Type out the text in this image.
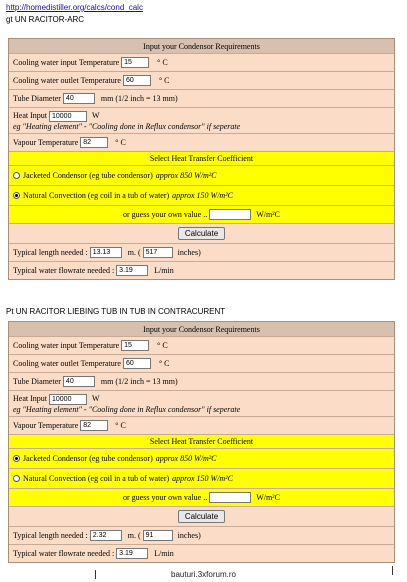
http://homedistiller.org/calcs/cond_calc
gt UN RACITOR-ARC
Input your Condensor Requirements
Cooling water input Temperature 15	° C
Cooling water outlet Temperature 60	° C
Tube Diameter 40	mm (1/2 inch = 13 mm)
Heat Input 10000	W
eg "Heating element" - "Cooling done in Reflux condensor" if seperate
Vapour Temperature 82	° C
Select Heat Transfer Coefficient
Jacketed Condensor (eg tube condensor) approx 850 W/m²C
Natural Convection (eg coil in a tub of water) approx 150 W/m²C
or guess your own value ..	W/m²C
Calculate
Typical length needed : 13.13	m. ( 517	inches)
Typical water flowrate needed : 3.19	L/min
Pt UN RACITOR LIEBING TUB IN TUB IN CONTRACURENT
Input your Condensor Requirements
Cooling water input Temperature 15	° C
Cooling water outlet Temperature 60	° C
Tube Diameter 40	mm (1/2 inch = 13 mm)
Heat Input 10000	W
eg "Heating element" - "Cooling done in Reflux condensor" if seperate
Vapour Temperature 82	° C
Select Heat Transfer Coefficient
Jacketed Condensor (eg tube condensor) approx 850 W/m²C
Natural Convection (eg coil in a tub of water) approx 150 W/m²C
or guess your own value ..	W/m²C
Calculate
Typical length needed : 2.32	m. ( 91	inches)
Typical water flowrate needed : 3.19	L/min
bauturi.3xforum.ro
